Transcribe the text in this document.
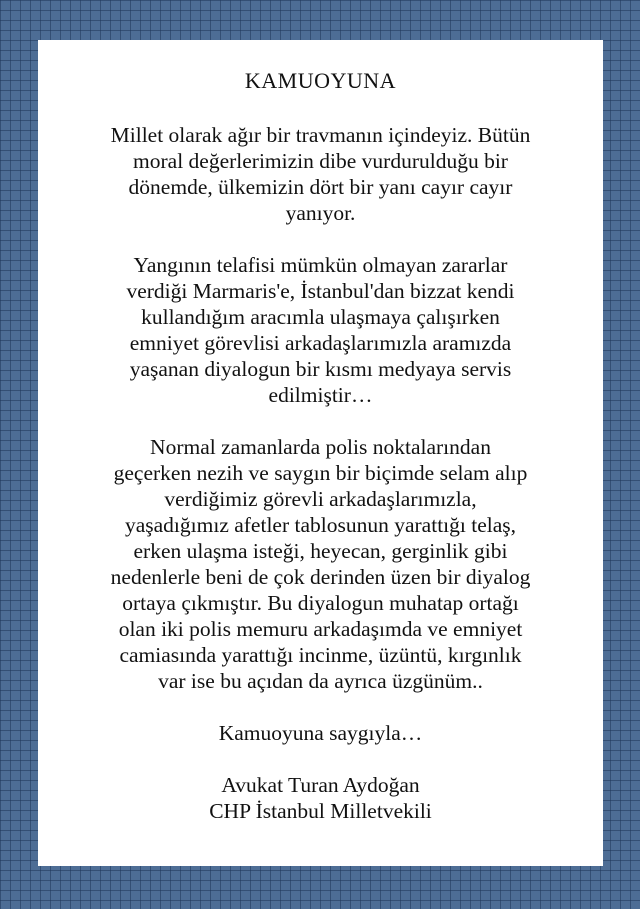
KAMUOYUNA
Millet olarak ağır bir travmanın içindeyiz. Bütün
moral değerlerimizin dibe vurdurulduğu bir
dönemde, ülkemizin dört bir yanı cayır cayır
yanıyor.
Yangının telafisi mümkün olmayan zararlar
verdiği Marmaris'e, İstanbul'dan bizzat kendi
kullandığım aracımla ulaşmaya çalışırken
emniyet görevlisi arkadaşlarımızla aramızda
yaşanan diyalogun bir kısmı medyaya servis
edilmiştir…
Normal zamanlarda polis noktalarından
geçerken nezih ve saygın bir biçimde selam alıp
verdiğimiz görevli arkadaşlarımızla,
yaşadığımız afetler tablosunun yarattığı telaş,
erken ulaşma isteği, heyecan, gerginlik gibi
nedenlerle beni de çok derinden üzen bir diyalog
ortaya çıkmıştır. Bu diyalogun muhatap ortağı
olan iki polis memuru arkadaşımda ve emniyet
camiasında yarattığı incinme, üzüntü, kırgınlık
var ise bu açıdan da ayrıca üzgünüm..
Kamuoyuna saygıyla…
Avukat Turan Aydoğan
CHP İstanbul Milletvekili
